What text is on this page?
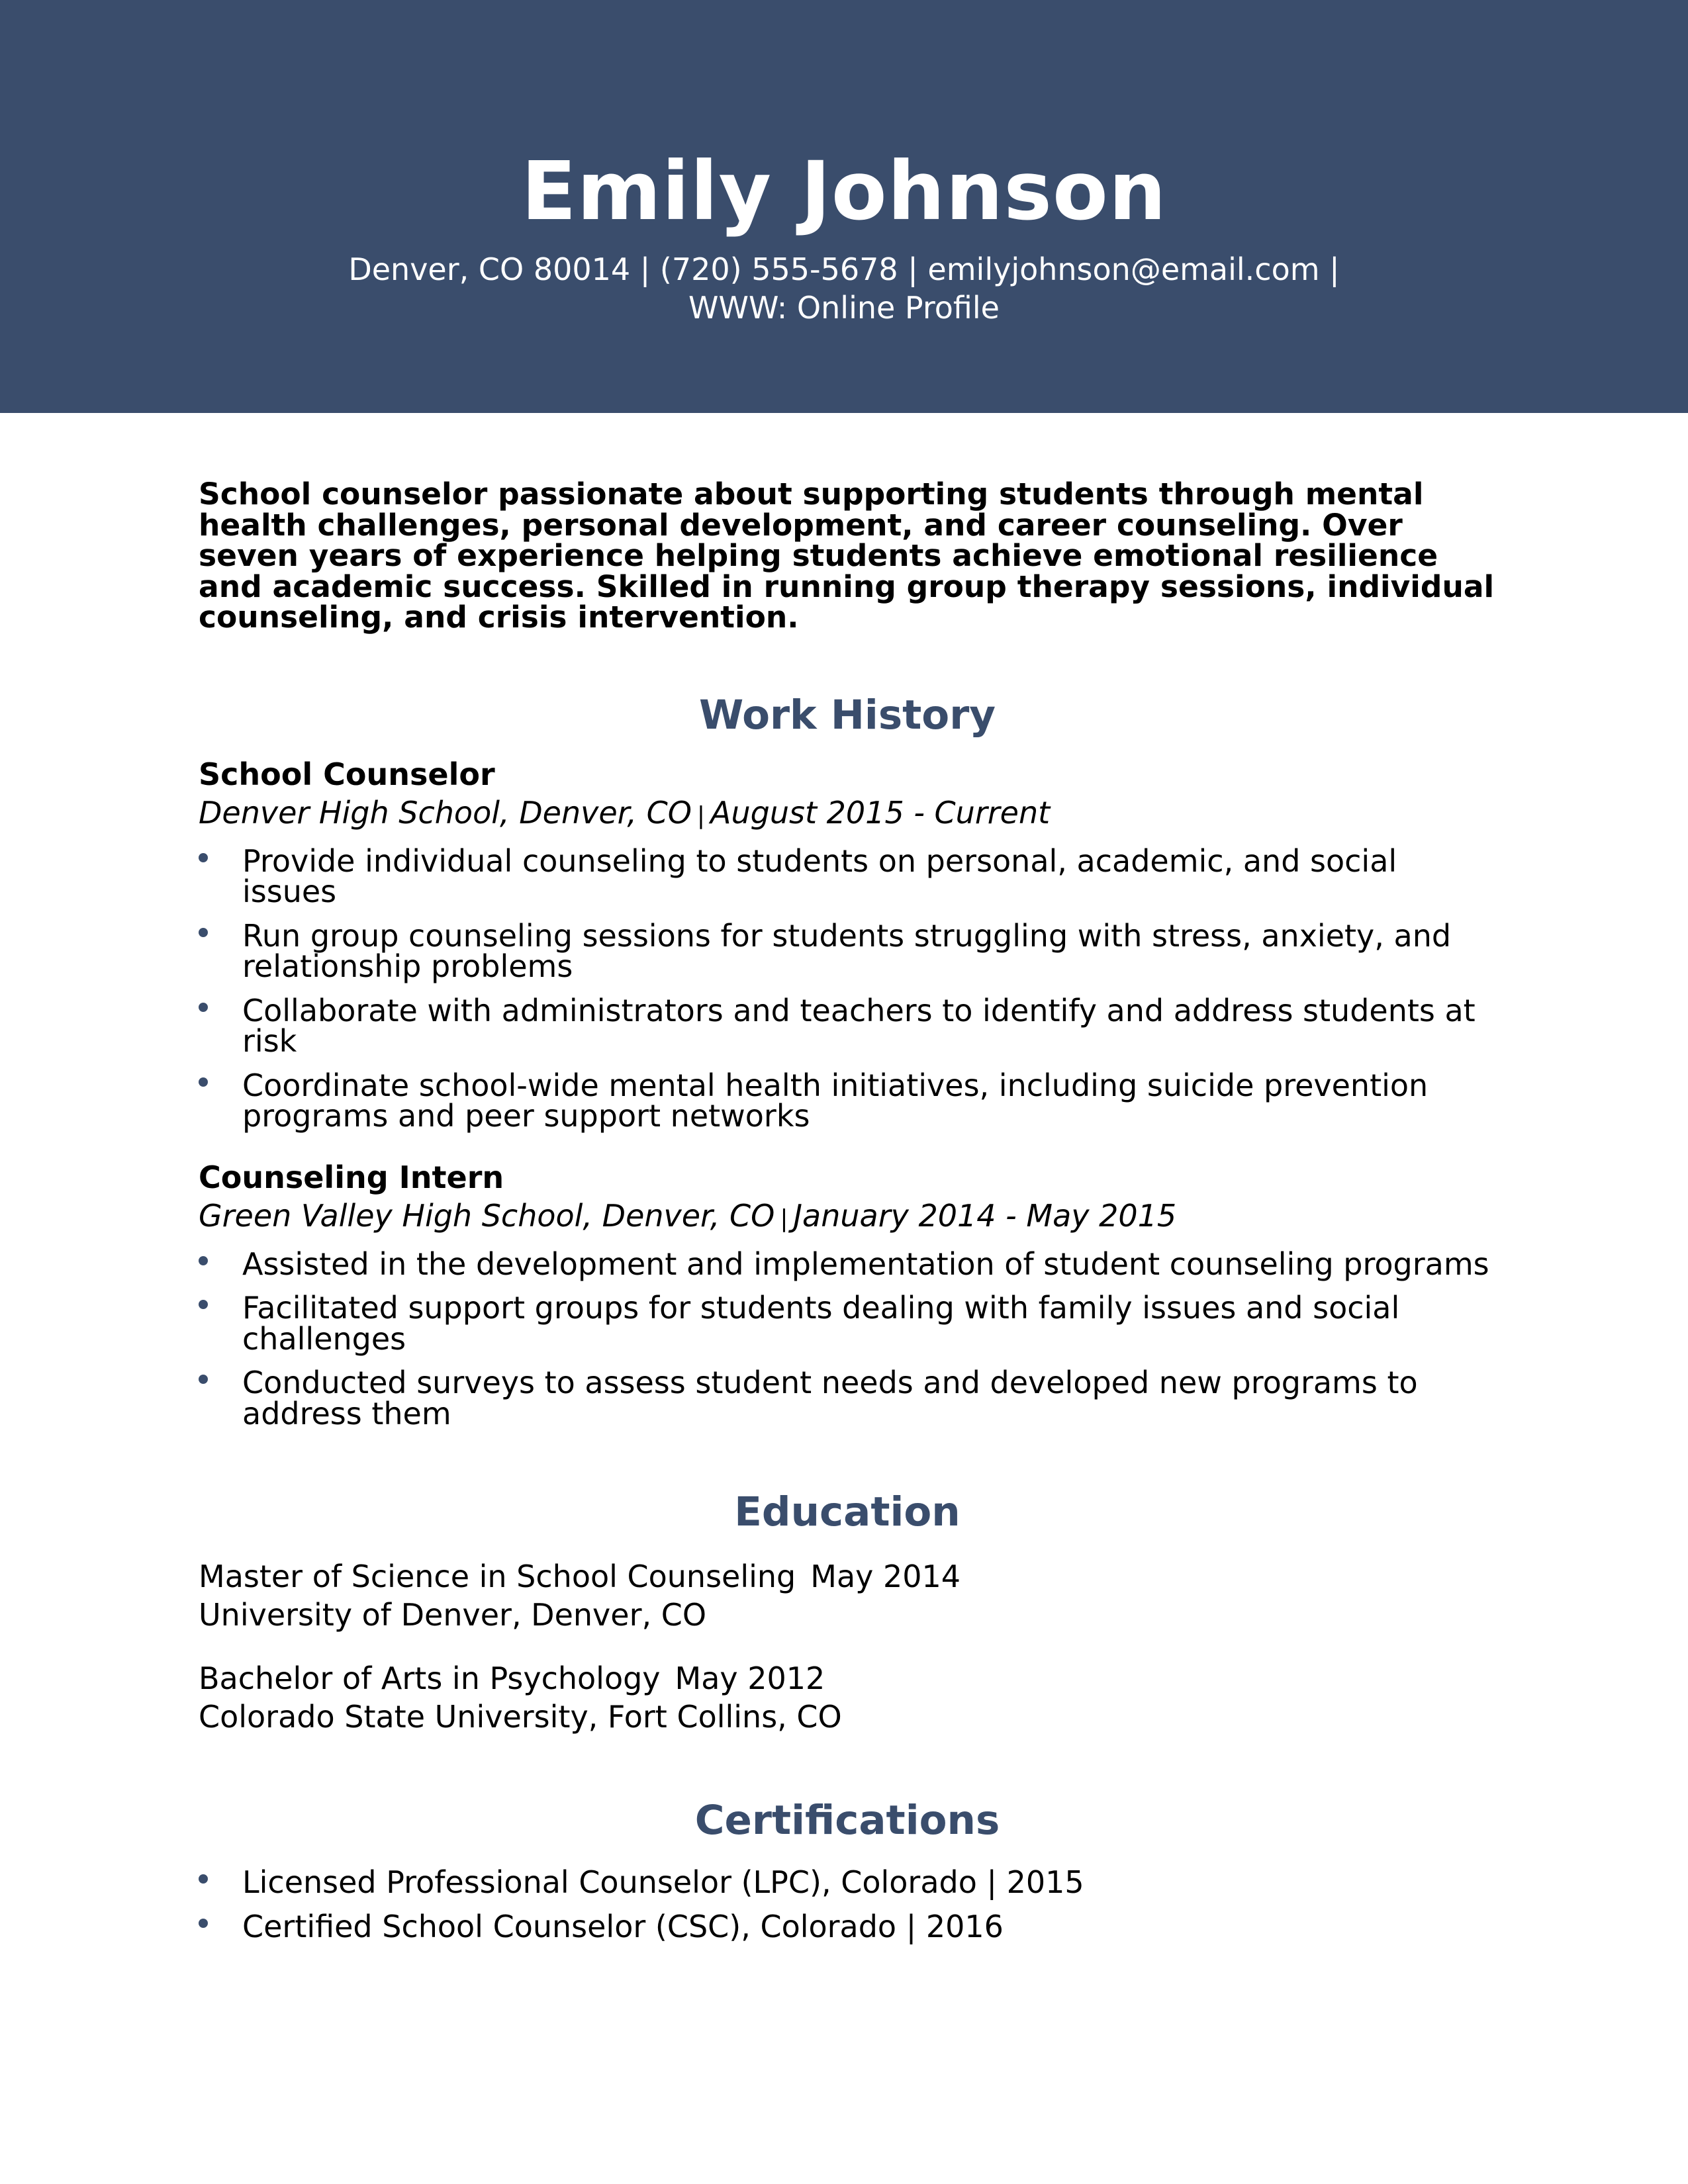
Emily Johnson
Denver, CO 80014 | (720) 555-5678 | emilyjohnson@email.com |
WWW: Online Profile

School counselor passionate about supporting students through mental health challenges, personal development, and career counseling. Over seven years of experience helping students achieve emotional resilience and academic success. Skilled in running group therapy sessions, individual counseling, and crisis intervention.

Work History
School Counselor
Denver High School, Denver, CO | August 2015 - Current
Provide individual counseling to students on personal, academic, and social issues
Run group counseling sessions for students struggling with stress, anxiety, and relationship problems
Collaborate with administrators and teachers to identify and address students at risk
Coordinate school-wide mental health initiatives, including suicide prevention programs and peer support networks
Counseling Intern
Green Valley High School, Denver, CO | January 2014 - May 2015
Assisted in the development and implementation of student counseling programs
Facilitated support groups for students dealing with family issues and social challenges
Conducted surveys to assess student needs and developed new programs to address them
Education
Master of Science in School Counseling May 2014
University of Denver, Denver, CO
Bachelor of Arts in Psychology May 2012
Colorado State University, Fort Collins, CO
Certifications
Licensed Professional Counselor (LPC), Colorado | 2015
Certified School Counselor (CSC), Colorado | 2016
